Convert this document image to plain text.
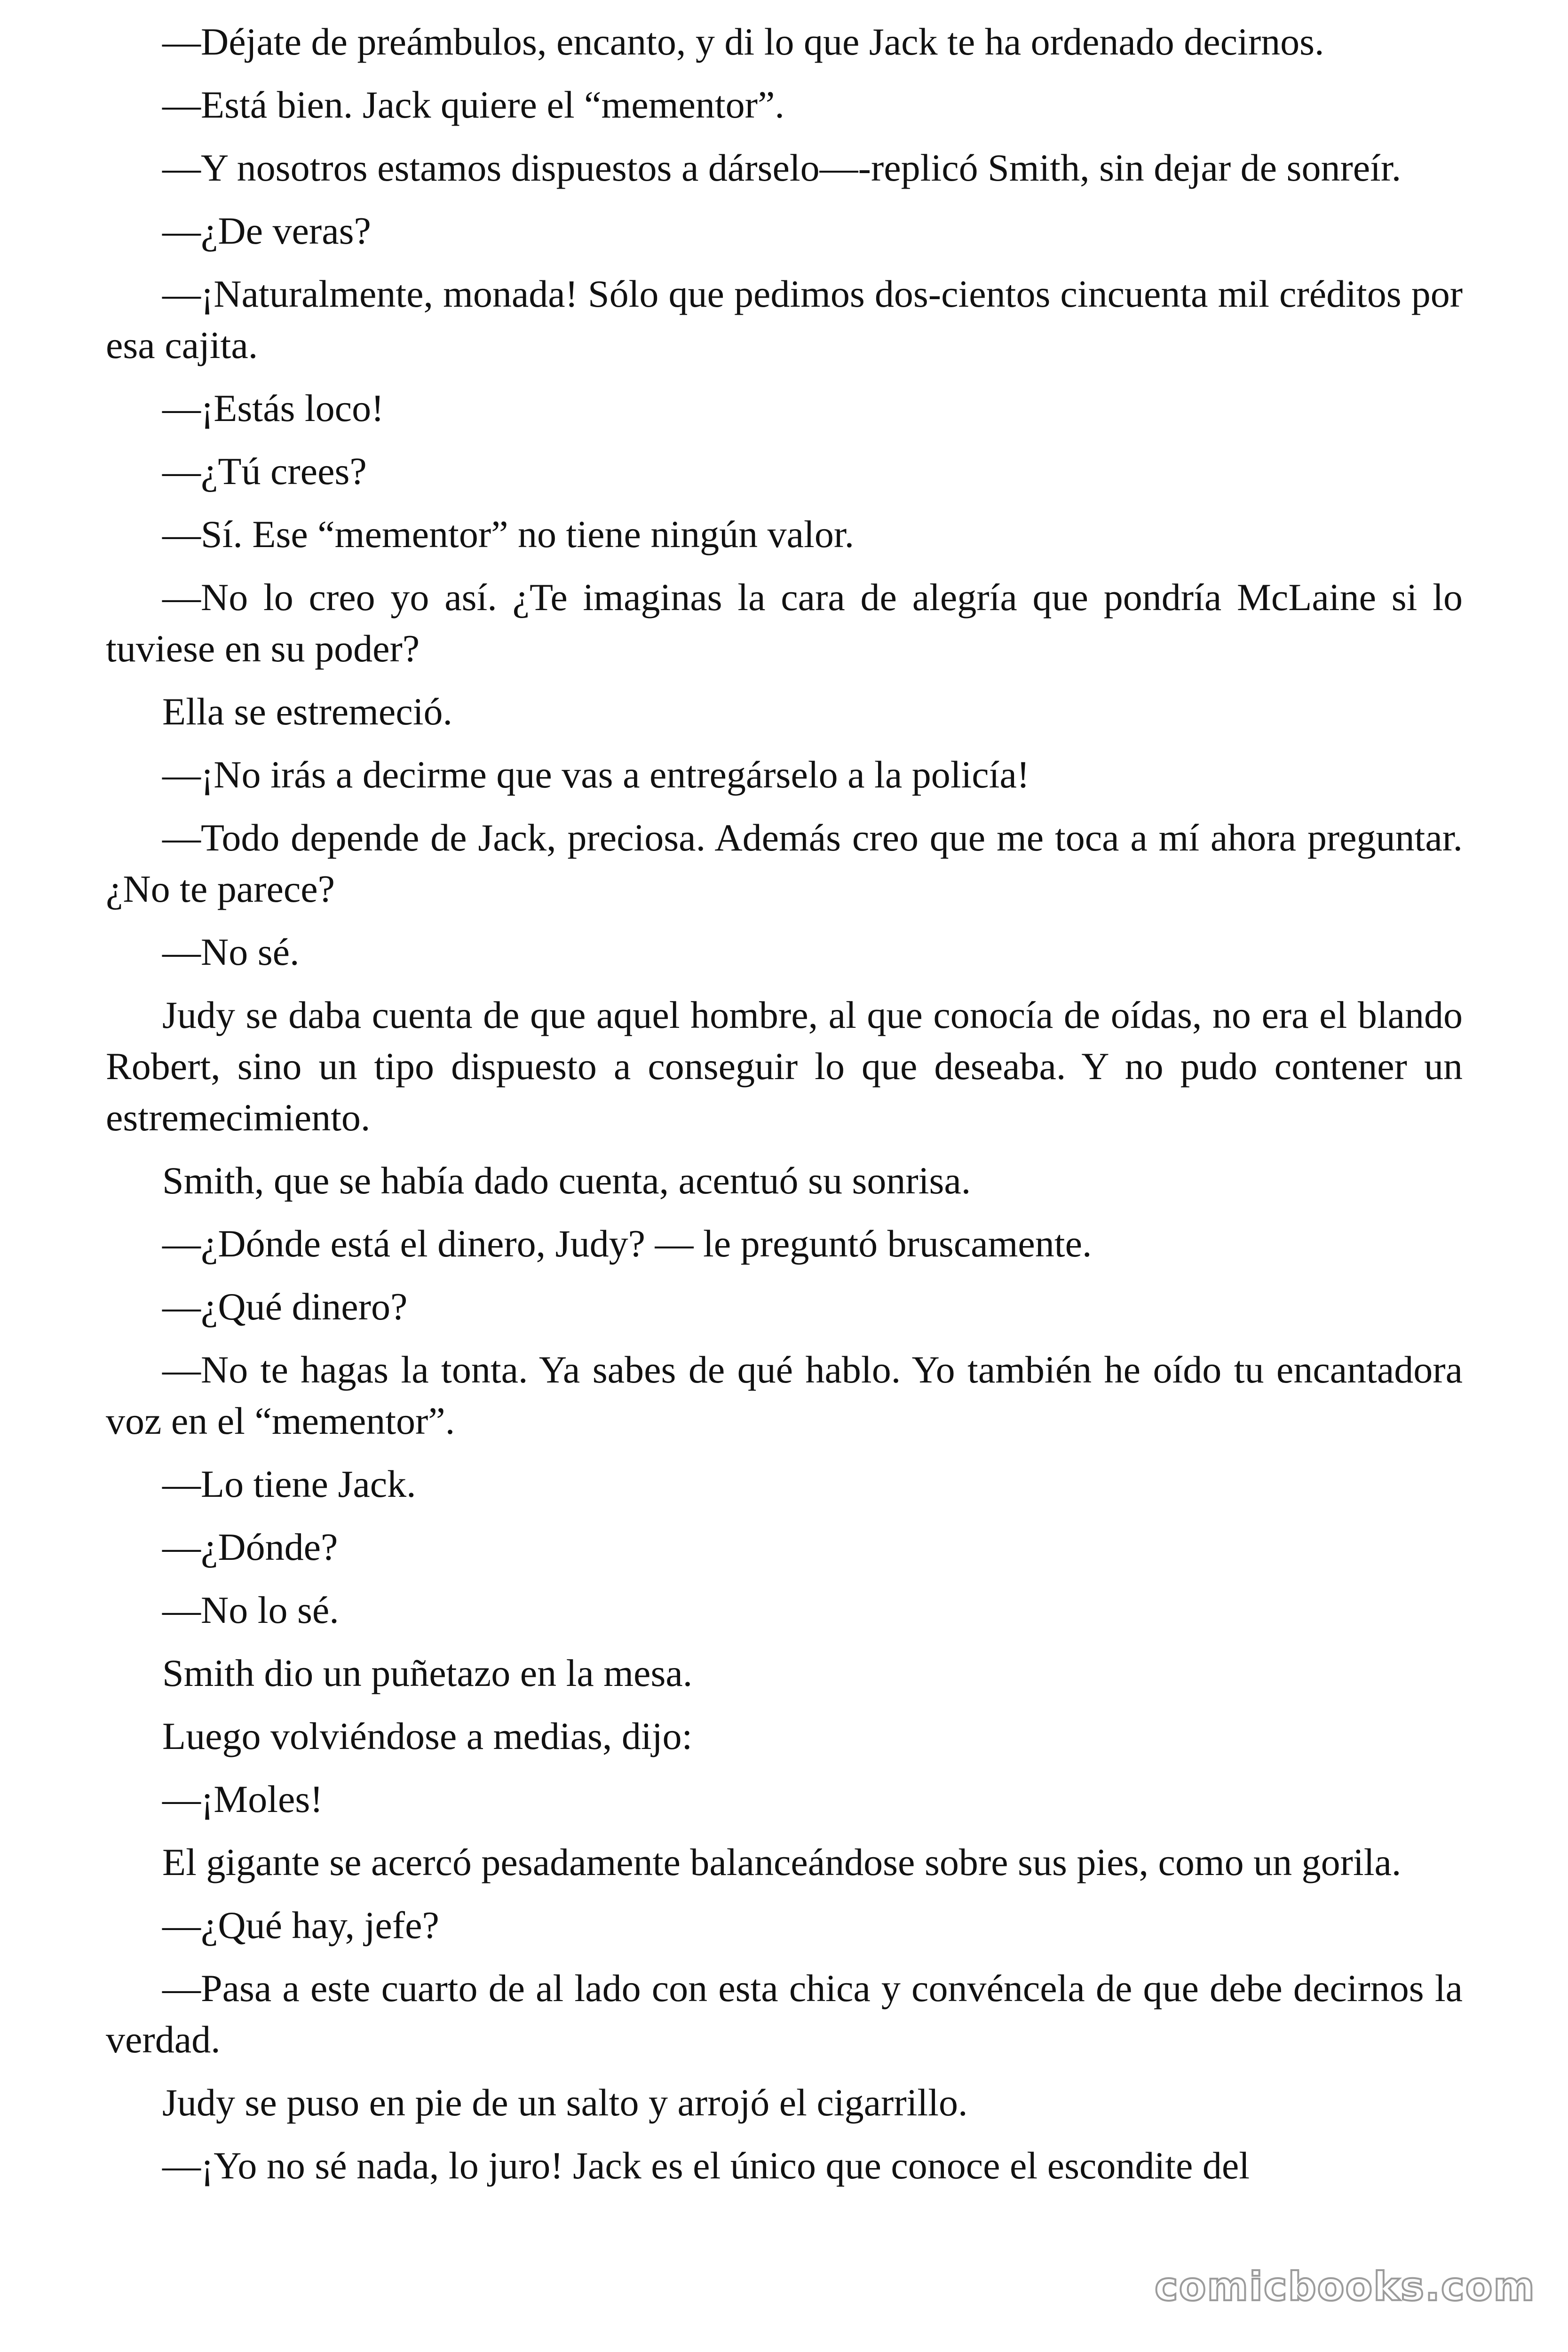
—Déjate de preámbulos, encanto, y di lo que Jack te ha ordenado decirnos.

—Está bien. Jack quiere el “mementor”.

—Y nosotros estamos dispuestos a dárselo—-replicó Smith, sin dejar de sonreír.

—¿De veras?

—¡Naturalmente, monada! Sólo que pedimos dos-cientos cincuenta mil créditos por esa cajita.

—¡Estás loco!

—¿Tú crees?

—Sí. Ese “mementor” no tiene ningún valor.

—No lo creo yo así. ¿Te imaginas la cara de alegría que pondría McLaine si lo tuviese en su poder?

Ella se estremeció.

—¡No irás a decirme que vas a entregárselo a la policía!

—Todo depende de Jack, preciosa. Además creo que me toca a mí ahora preguntar. ¿No te parece?

—No sé.

Judy se daba cuenta de que aquel hombre, al que conocía de oídas, no era el blando Robert, sino un tipo dispuesto a conseguir lo que deseaba. Y no pudo contener un estremecimiento.

Smith, que se había dado cuenta, acentuó su sonrisa.

—¿Dónde está el dinero, Judy? — le preguntó bruscamente.

—¿Qué dinero?

—No te hagas la tonta. Ya sabes de qué hablo. Yo también he oído tu encantadora voz en el “mementor”.

—Lo tiene Jack.

—¿Dónde?

—No lo sé.

Smith dio un puñetazo en la mesa.

Luego volviéndose a medias, dijo:

—¡Moles!

El gigante se acercó pesadamente balanceándose sobre sus pies, como un gorila.

—¿Qué hay, jefe?

—Pasa a este cuarto de al lado con esta chica y convéncela de que debe decirnos la verdad.

Judy se puso en pie de un salto y arrojó el cigarrillo.

—¡Yo no sé nada, lo juro! Jack es el único que conoce el escondite del

comicbooks.com
